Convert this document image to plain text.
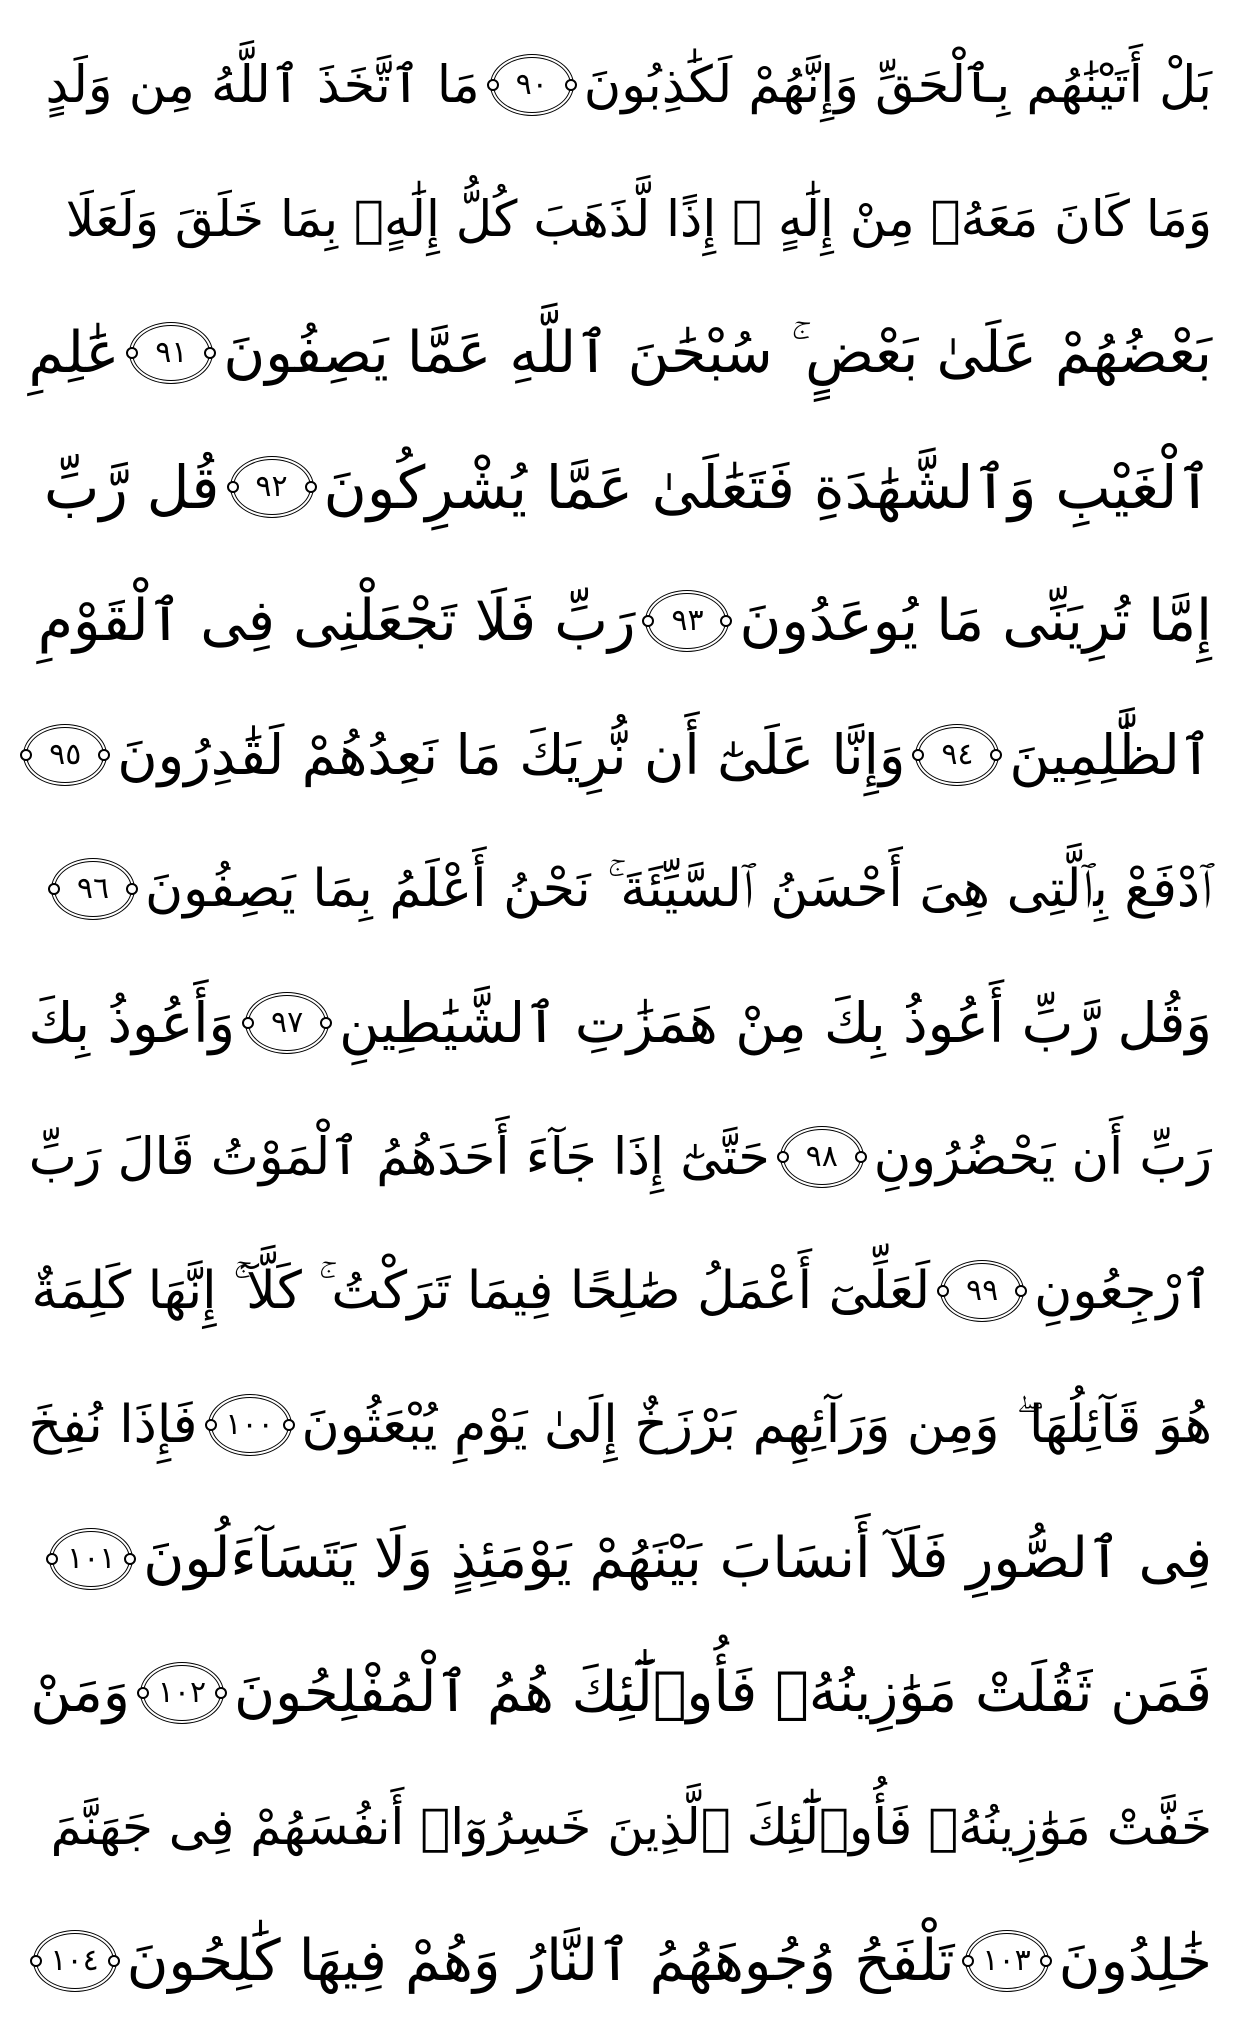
بَلْ أَتَيْنَٰهُم بِٱلْحَقِّ وَإِنَّهُمْ لَكَٰذِبُونَ
٩٠
مَا ٱتَّخَذَ ٱللَّهُ مِن وَلَدٍ
وَمَا كَانَ مَعَهُۥ مِنْ إِلَٰهٍ ۚ إِذًا لَّذَهَبَ كُلُّ إِلَٰهٍۭ بِمَا خَلَقَ وَلَعَلَا
بَعْضُهُمْ عَلَىٰ بَعْضٍ ۚ سُبْحَٰنَ ٱللَّهِ عَمَّا يَصِفُونَ
٩١
عَٰلِمِ
ٱلْغَيْبِ وَٱلشَّهَٰدَةِ فَتَعَٰلَىٰ عَمَّا يُشْرِكُونَ
٩٢
قُل رَّبِّ
إِمَّا تُرِيَنِّى مَا يُوعَدُونَ
٩٣
رَبِّ فَلَا تَجْعَلْنِى فِى ٱلْقَوْمِ
ٱلظَّٰلِمِينَ
٩٤
وَإِنَّا عَلَىٰٓ أَن نُّرِيَكَ مَا نَعِدُهُمْ لَقَٰدِرُونَ
٩٥
ٱدْفَعْ بِٱلَّتِى هِىَ أَحْسَنُ ٱلسَّيِّئَةَ ۚ نَحْنُ أَعْلَمُ بِمَا يَصِفُونَ
٩٦
وَقُل رَّبِّ أَعُوذُ بِكَ مِنْ هَمَزَٰتِ ٱلشَّيَٰطِينِ
٩٧
وَأَعُوذُ بِكَ
رَبِّ أَن يَحْضُرُونِ
٩٨
حَتَّىٰٓ إِذَا جَآءَ أَحَدَهُمُ ٱلْمَوْتُ قَالَ رَبِّ
ٱرْجِعُونِ
٩٩
لَعَلِّىٓ أَعْمَلُ صَٰلِحًا فِيمَا تَرَكْتُ ۚ كَلَّآ ۚ إِنَّهَا كَلِمَةٌ
هُوَ قَآئِلُهَا ۖ وَمِن وَرَآئِهِم بَرْزَخٌ إِلَىٰ يَوْمِ يُبْعَثُونَ
١٠٠
فَإِذَا نُفِخَ
فِى ٱلصُّورِ فَلَآ أَنسَابَ بَيْنَهُمْ يَوْمَئِذٍ وَلَا يَتَسَآءَلُونَ
١٠١
فَمَن ثَقُلَتْ مَوَٰزِينُهُۥ فَأُو۟لَٰٓئِكَ هُمُ ٱلْمُفْلِحُونَ
١٠٢
وَمَنْ
خَفَّتْ مَوَٰزِينُهُۥ فَأُو۟لَٰٓئِكَ ٱلَّذِينَ خَسِرُوٓا۟ أَنفُسَهُمْ فِى جَهَنَّمَ
خَٰلِدُونَ
١٠٣
تَلْفَحُ وُجُوهَهُمُ ٱلنَّارُ وَهُمْ فِيهَا كَٰلِحُونَ
١٠٤
